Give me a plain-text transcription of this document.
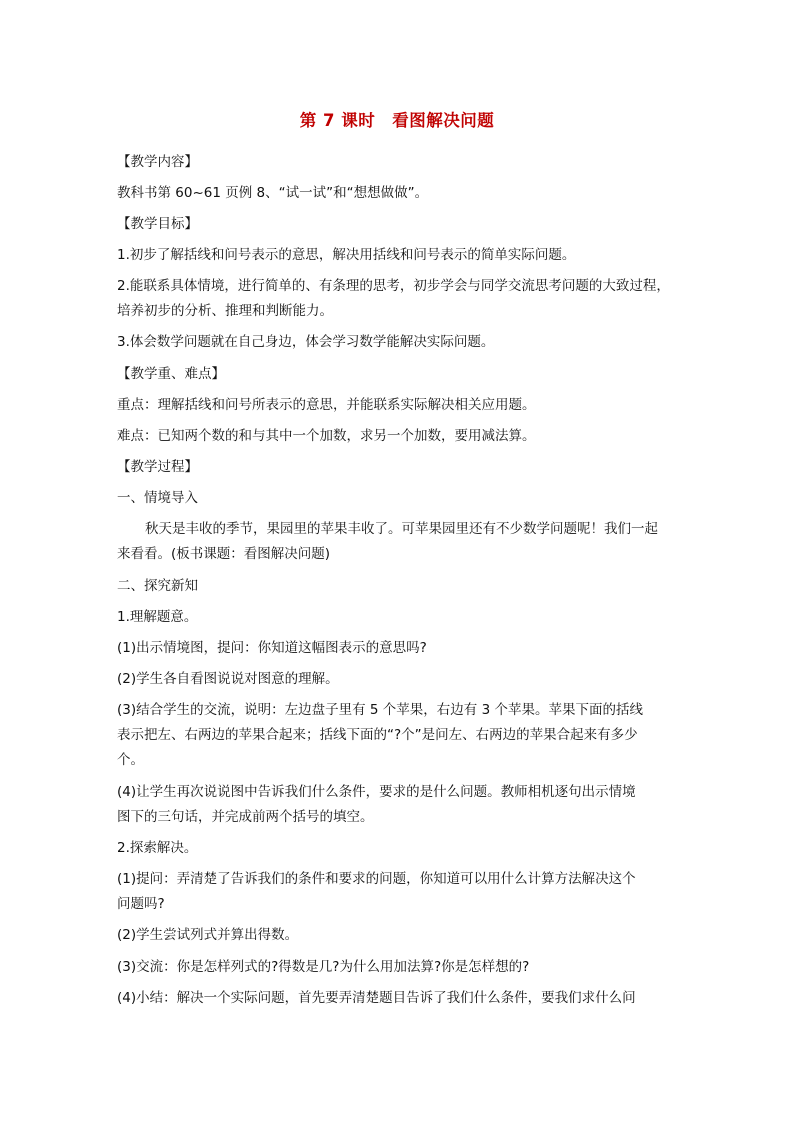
第 7 课时　看图解决问题
【教学内容】
教科书第 60~61 页例 8、“试一试”和“想想做做”。
【教学目标】
1.初步了解括线和问号表示的意思，解决用括线和问号表示的简单实际问题。
2.能联系具体情境，进行简单的、有条理的思考，初步学会与同学交流思考问题的大致过程，
培养初步的分析、推理和判断能力。
3.体会数学问题就在自己身边，体会学习数学能解决实际问题。
【教学重、难点】
重点：理解括线和问号所表示的意思，并能联系实际解决相关应用题。
难点：已知两个数的和与其中一个加数，求另一个加数，要用减法算。
【教学过程】
一、情境导入
秋天是丰收的季节，果园里的苹果丰收了。可苹果园里还有不少数学问题呢！我们一起
来看看。(板书课题：看图解决问题)
二、探究新知
1.理解题意。
(1)出示情境图，提问：你知道这幅图表示的意思吗?
(2)学生各自看图说说对图意的理解。
(3)结合学生的交流，说明：左边盘子里有 5 个苹果，右边有 3 个苹果。苹果下面的括线
表示把左、右两边的苹果合起来；括线下面的“?个”是问左、右两边的苹果合起来有多少
个。
(4)让学生再次说说图中告诉我们什么条件，要求的是什么问题。教师相机逐句出示情境
图下的三句话，并完成前两个括号的填空。
2.探索解决。
(1)提问：弄清楚了告诉我们的条件和要求的问题，你知道可以用什么计算方法解决这个
问题吗?
(2)学生尝试列式并算出得数。
(3)交流：你是怎样列式的?得数是几?为什么用加法算?你是怎样想的?
(4)小结：解决一个实际问题，首先要弄清楚题目告诉了我们什么条件，要我们求什么问
